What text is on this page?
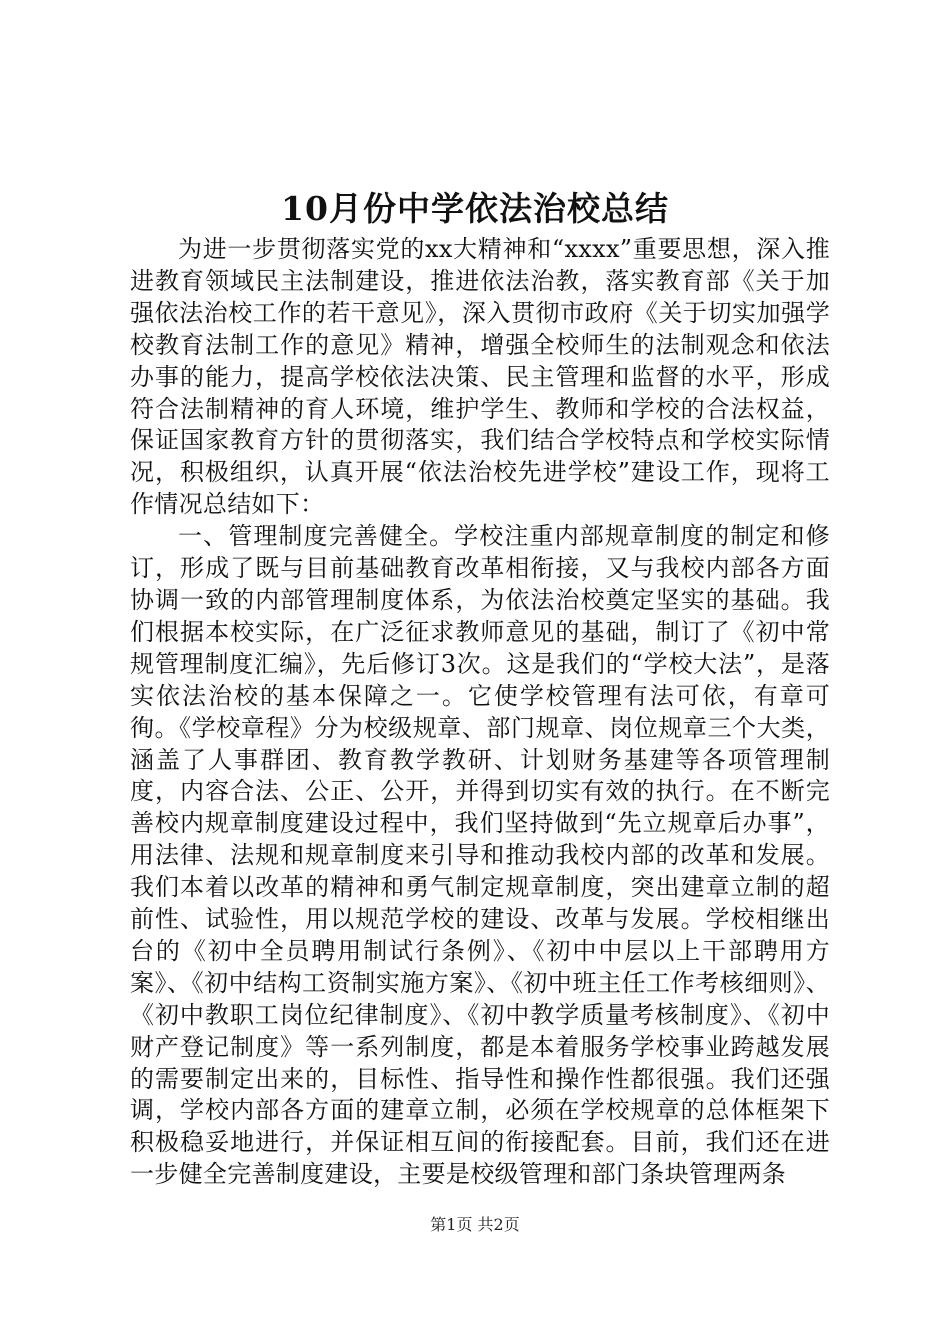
10月份中学依法治校总结

为进一步贯彻落实党的xx大精神和“xxxx”重要思想，深入推进教育领域民主法制建设，推进依法治教，落实教育部《关于加强依法治校工作的若干意见》，深入贯彻市政府《关于切实加强学校教育法制工作的意见》精神，增强全校师生的法制观念和依法办事的能力，提高学校依法决策、民主管理和监督的水平，形成符合法制精神的育人环境，维护学生、教师和学校的合法权益，保证国家教育方针的贯彻落实，我们结合学校特点和学校实际情况，积极组织，认真开展“依法治校先进学校”建设工作，现将工作情况总结如下：

一、管理制度完善健全。学校注重内部规章制度的制定和修订，形成了既与目前基础教育改革相衔接，又与我校内部各方面协调一致的内部管理制度体系，为依法治校奠定坚实的基础。我们根据本校实际，在广泛征求教师意见的基础，制订了《初中常规管理制度汇编》，先后修订3次。这是我们的“学校大法”，是落实依法治校的基本保障之一。它使学校管理有法可依，有章可徇。《学校章程》分为校级规章、部门规章、岗位规章三个大类，涵盖了人事群团、教育教学教研、计划财务基建等各项管理制度，内容合法、公正、公开，并得到切实有效的执行。在不断完善校内规章制度建设过程中，我们坚持做到“先立规章后办事”，用法律、法规和规章制度来引导和推动我校内部的改革和发展。我们本着以改革的精神和勇气制定规章制度，突出建章立制的超前性、试验性，用以规范学校的建设、改革与发展。学校相继出台的《初中全员聘用制试行条例》、《初中中层以上干部聘用方案》、《初中结构工资制实施方案》、《初中班主任工作考核细则》、《初中教职工岗位纪律制度》、《初中教学质量考核制度》、《初中财产登记制度》等一系列制度，都是本着服务学校事业跨越发展的需要制定出来的，目标性、指导性和操作性都很强。我们还强调，学校内部各方面的建章立制，必须在学校规章的总体框架下积极稳妥地进行，并保证相互间的衔接配套。目前，我们还在进一步健全完善制度建设，主要是校级管理和部门条块管理两条

第1页 共2页
